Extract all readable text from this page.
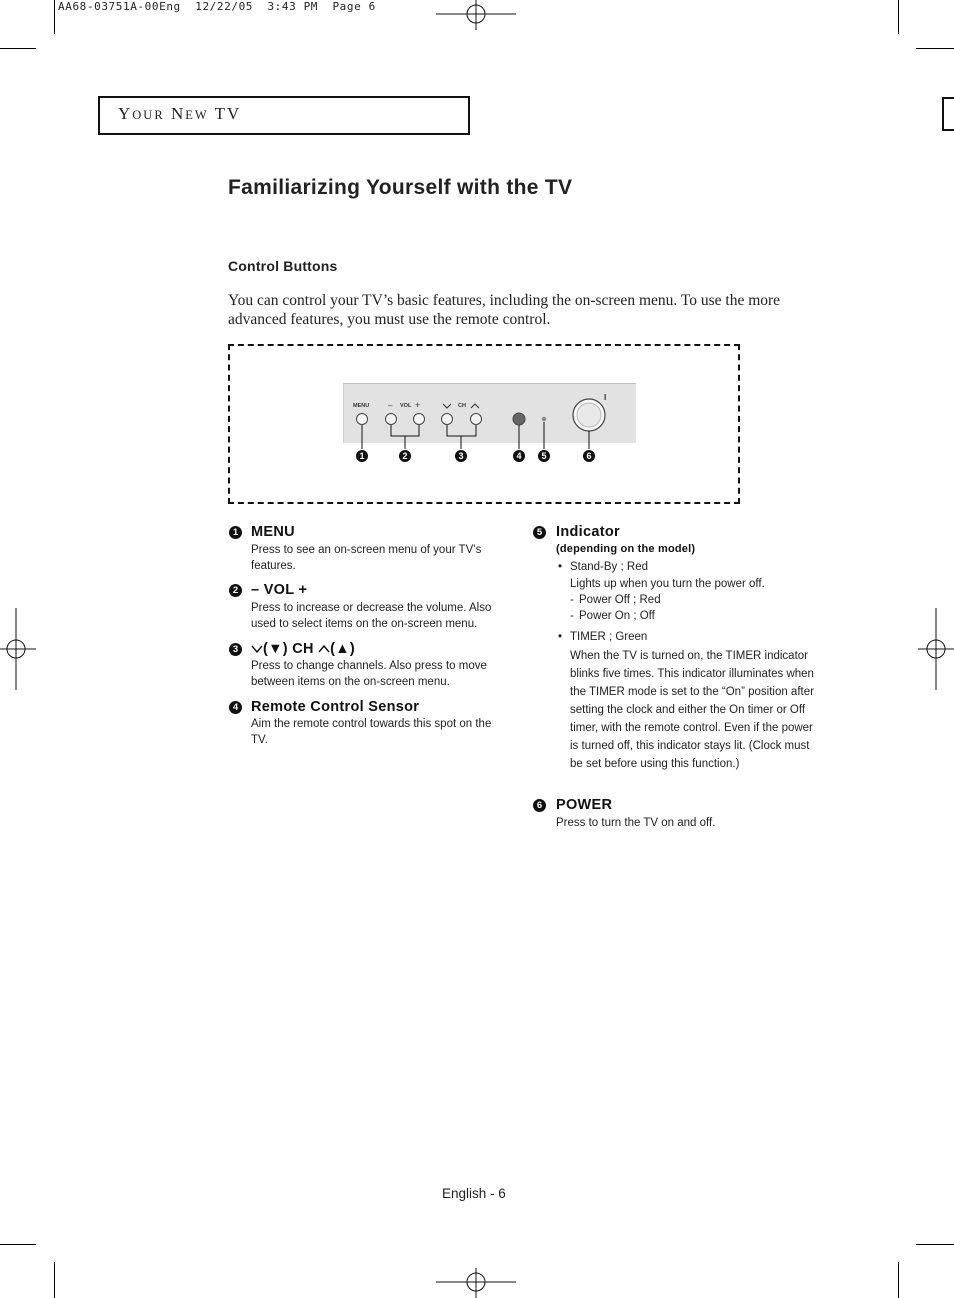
AA68-03751A-00Eng  12/22/05  3:43 PM  Page 6
YOUR NEW TV
Familiarizing Yourself with the TV
Control Buttons
You can control your TV’s basic features, including the on-screen menu. To use the more advanced features, you must use the remote control.
MENU – VOL +	CH
I
1	2	3	4	5	6
1 MENU
Press to see an on-screen menu of your TV’s features.
2 – VOL +
Press to increase or decrease the volume. Also used to select items on the on-screen menu.
3	(▼) CH (▲)
Press to change channels. Also press to move between items on the on-screen menu.
4 Remote Control Sensor
Aim the remote control towards this spot on the TV.
5 Indicator
(depending on the model)
• Stand-By ; Red
Lights up when you turn the power off.
- Power Off ; Red
- Power On ; Off
• TIMER ; Green
When the TV is turned on, the TIMER indicator blinks five times. This indicator illuminates when the TIMER mode is set to the “On” position after setting the clock and either the On timer or Off timer, with the remote control. Even if the power is turned off, this indicator stays lit. (Clock must be set before using this function.)
6 POWER
Press to turn the TV on and off.
English - 6
